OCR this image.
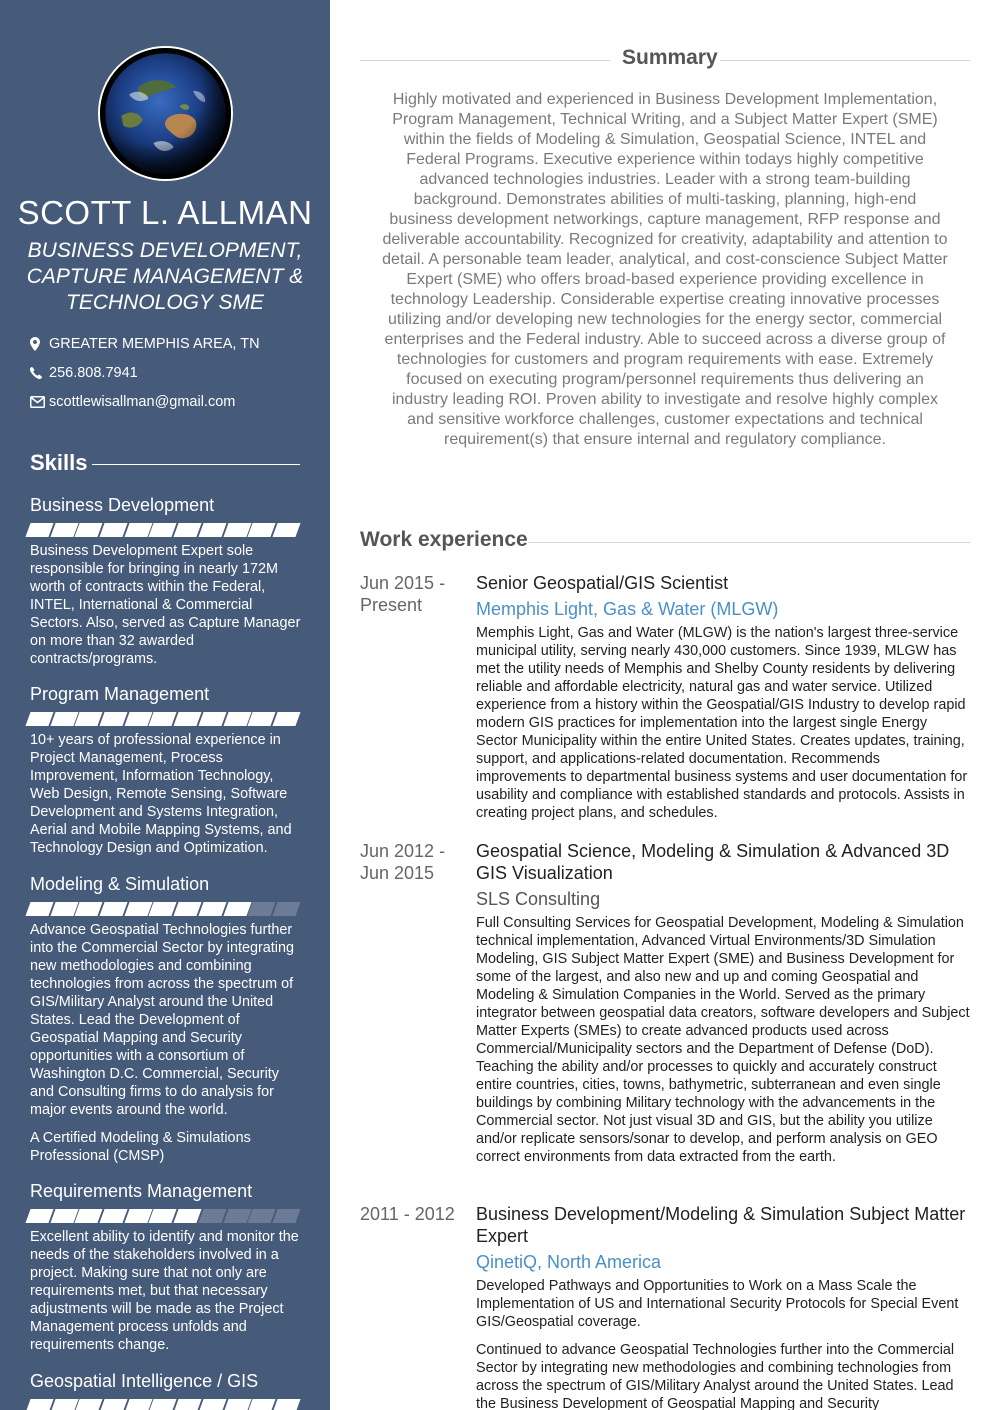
SCOTT L. ALLMAN
BUSINESS DEVELOPMENT, CAPTURE MANAGEMENT & TECHNOLOGY SME
GREATER MEMPHIS AREA, TN
256.808.7941
scottlewisallman@gmail.com
Skills
Business Development
Business Development Expert sole responsible for bringing in nearly 172M worth of contracts within the Federal, INTEL, International & Commercial Sectors. Also, served as Capture Manager on more than 32 awarded contracts/programs.
Program Management
10+ years of professional experience in Project Management, Process Improvement, Information Technology, Web Design, Remote Sensing, Software Development and Systems Integration, Aerial and Mobile Mapping Systems, and Technology Design and Optimization.
Modeling & Simulation
Advance Geospatial Technologies further into the Commercial Sector by integrating new methodologies and combining technologies from across the spectrum of GIS/Military Analyst around the United States. Lead the Development of Geospatial Mapping and Security opportunities with a consortium of Washington D.C. Commercial, Security and Consulting firms to do analysis for major events around the world.
A Certified Modeling & Simulations Professional (CMSP)
Requirements Management
Excellent ability to identify and monitor the needs of the stakeholders involved in a project. Making sure that not only are requirements met, but that necessary adjustments will be made as the Project Management process unfolds and requirements change.
Geospatial Intelligence / GIS
Summary

Highly motivated and experienced in Business Development Implementation, Program Management, Technical Writing, and a Subject Matter Expert (SME) within the fields of Modeling & Simulation, Geospatial Science, INTEL and Federal Programs. Executive experience within todays highly competitive advanced technologies industries. Leader with a strong team-building background. Demonstrates abilities of multi-tasking, planning, high-end business development networkings, capture management, RFP response and deliverable accountability. Recognized for creativity, adaptability and attention to detail. A personable team leader, analytical, and cost-conscience Subject Matter Expert (SME) who offers broad-based experience providing excellence in technology Leadership. Considerable expertise creating innovative processes utilizing and/or developing new technologies for the energy sector, commercial enterprises and the Federal industry. Able to succeed across a diverse group of technologies for customers and program requirements with ease. Extremely focused on executing program/personnel requirements thus delivering an industry leading ROI. Proven ability to investigate and resolve highly complex and sensitive workforce challenges, customer expectations and technical requirement(s) that ensure internal and regulatory compliance.

Work experience
Jun 2015 - Present
Senior Geospatial/GIS Scientist
Memphis Light, Gas & Water (MLGW)
Memphis Light, Gas and Water (MLGW) is the nation's largest three-service municipal utility, serving nearly 430,000 customers. Since 1939, MLGW has met the utility needs of Memphis and Shelby County residents by delivering reliable and affordable electricity, natural gas and water service. Utilized experience from a history within the Geospatial/GIS Industry to develop rapid modern GIS practices for implementation into the largest single Energy Sector Municipality within the entire United States. Creates updates, training, support, and applications-related documentation. Recommends improvements to departmental business systems and user documentation for usability and compliance with established standards and protocols. Assists in creating project plans, and schedules.
Jun 2012 - Jun 2015
Geospatial Science, Modeling & Simulation & Advanced 3D GIS Visualization
SLS Consulting
Full Consulting Services for Geospatial Development, Modeling & Simulation technical implementation, Advanced Virtual Environments/3D Simulation Modeling, GIS Subject Matter Expert (SME) and Business Development for some of the largest, and also new and up and coming Geospatial and Modeling & Simulation Companies in the World. Served as the primary integrator between geospatial data creators, software developers and Subject Matter Experts (SMEs) to create advanced products used across Commercial/Municipality sectors and the Department of Defense (DoD). Teaching the ability and/or processes to quickly and accurately construct entire countries, cities, towns, bathymetric, subterranean and even single buildings by combining Military technology with the advancements in the Commercial sector. Not just visual 3D and GIS, but the ability you utilize and/or replicate sensors/sonar to develop, and perform analysis on GEO correct environments from data extracted from the earth.
2011 - 2012	Business Development/Modeling & Simulation Subject Matter Expert
QinetiQ, North America
Developed Pathways and Opportunities to Work on a Mass Scale the Implementation of US and International Security Protocols for Special Event GIS/Geospatial coverage.
Continued to advance Geospatial Technologies further into the Commercial Sector by integrating new methodologies and combining technologies from across the spectrum of GIS/Military Analyst around the United States. Lead the Business Development of Geospatial Mapping and Security
